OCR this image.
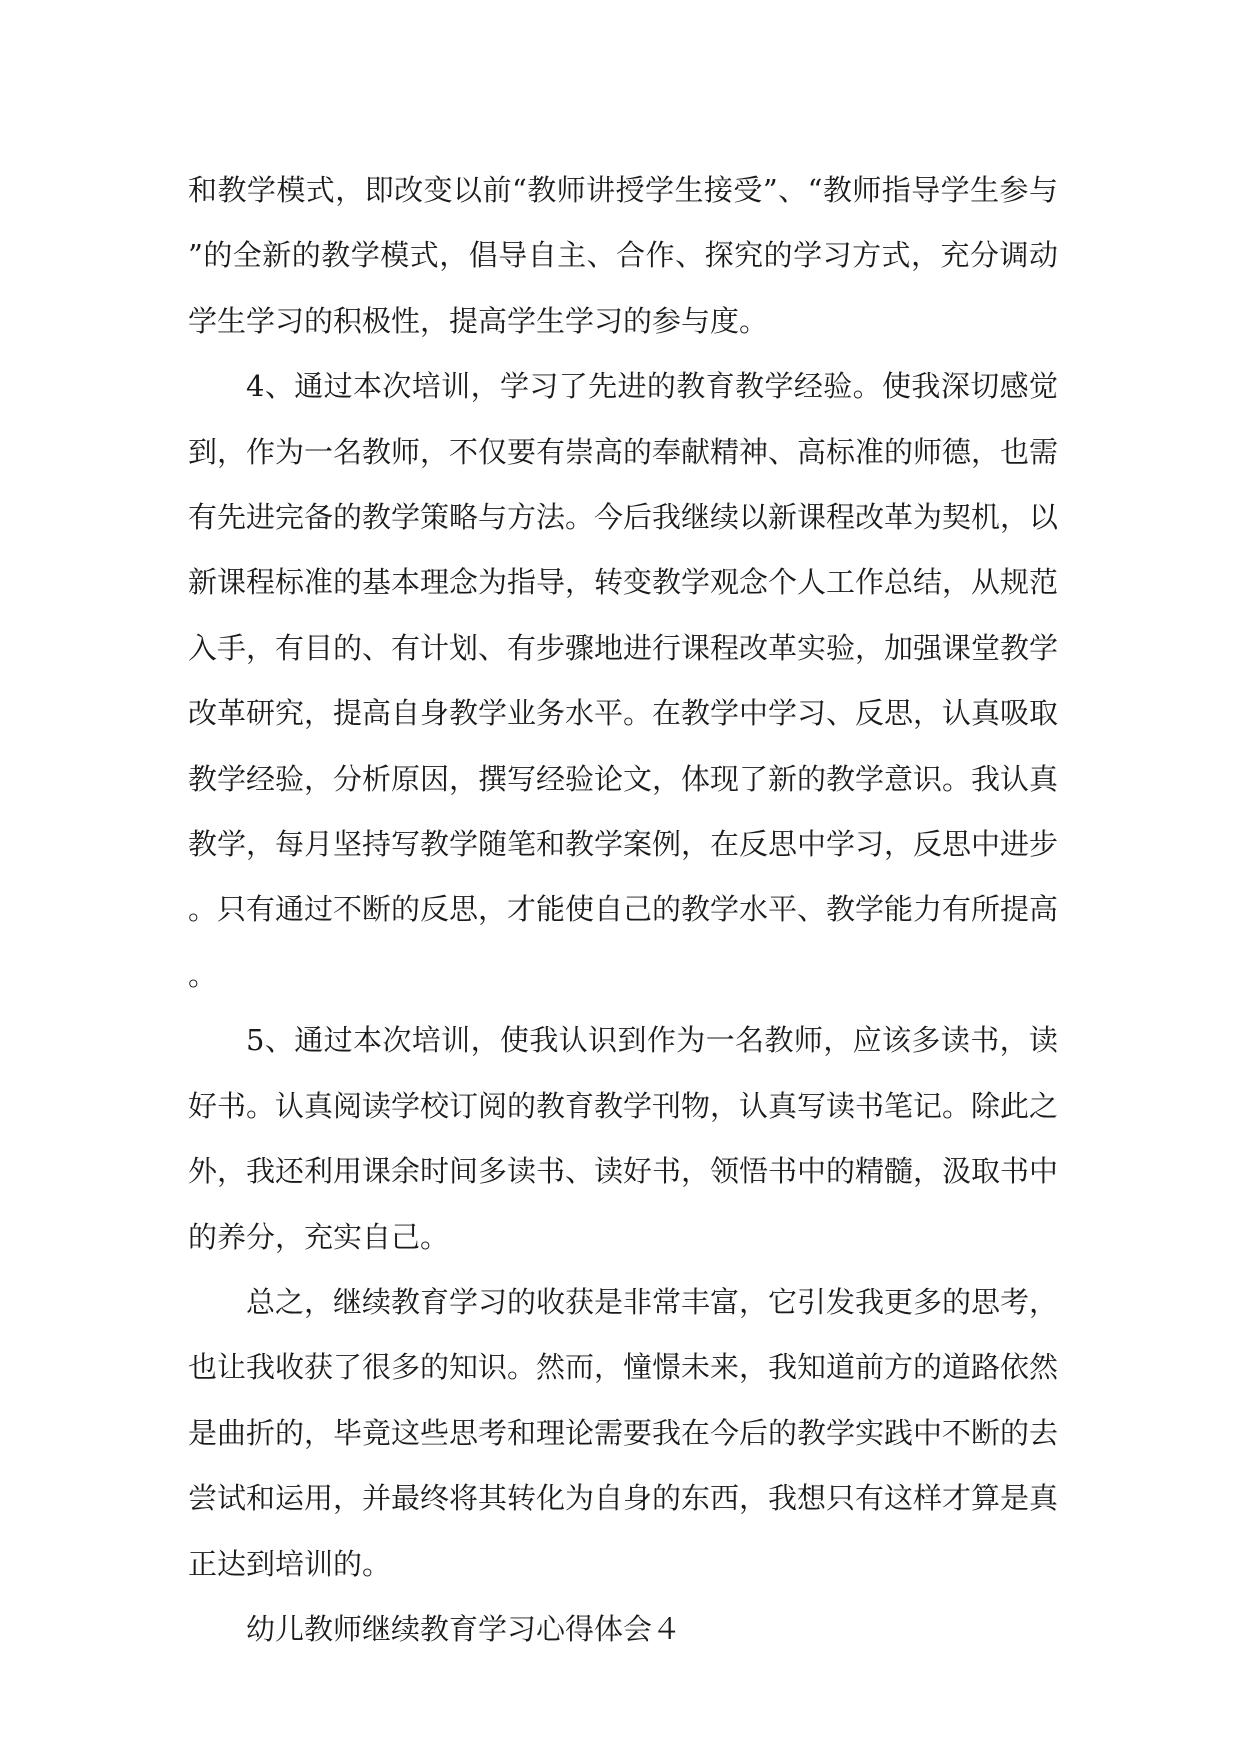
和教学模式，即改变以前“教师讲授学生接受”、“教师指导学生参与”的全新的教学模式，倡导自主、合作、探究的学习方式，充分调动学生学习的积极性，提高学生学习的参与度。

4、通过本次培训，学习了先进的教育教学经验。使我深切感觉到，作为一名教师，不仅要有崇高的奉献精神、高标准的师德，也需有先进完备的教学策略与方法。今后我继续以新课程改革为契机，以新课程标准的基本理念为指导，转变教学观念个人工作总结，从规范入手，有目的、有计划、有步骤地进行课程改革实验，加强课堂教学改革研究，提高自身教学业务水平。在教学中学习、反思，认真吸取教学经验，分析原因，撰写经验论文，体现了新的教学意识。我认真教学，每月坚持写教学随笔和教学案例，在反思中学习，反思中进步。只有通过不断的反思，才能使自己的教学水平、教学能力有所提高。

5、通过本次培训，使我认识到作为一名教师，应该多读书，读好书。认真阅读学校订阅的教育教学刊物，认真写读书笔记。除此之外，我还利用课余时间多读书、读好书，领悟书中的精髓，汲取书中的养分，充实自己。

总之，继续教育学习的收获是非常丰富，它引发我更多的思考，也让我收获了很多的知识。然而，憧憬未来，我知道前方的道路依然是曲折的，毕竟这些思考和理论需要我在今后的教学实践中不断的去尝试和运用，并最终将其转化为自身的东西，我想只有这样才算是真正达到培训的。

幼儿教师继续教育学习心得体会４
